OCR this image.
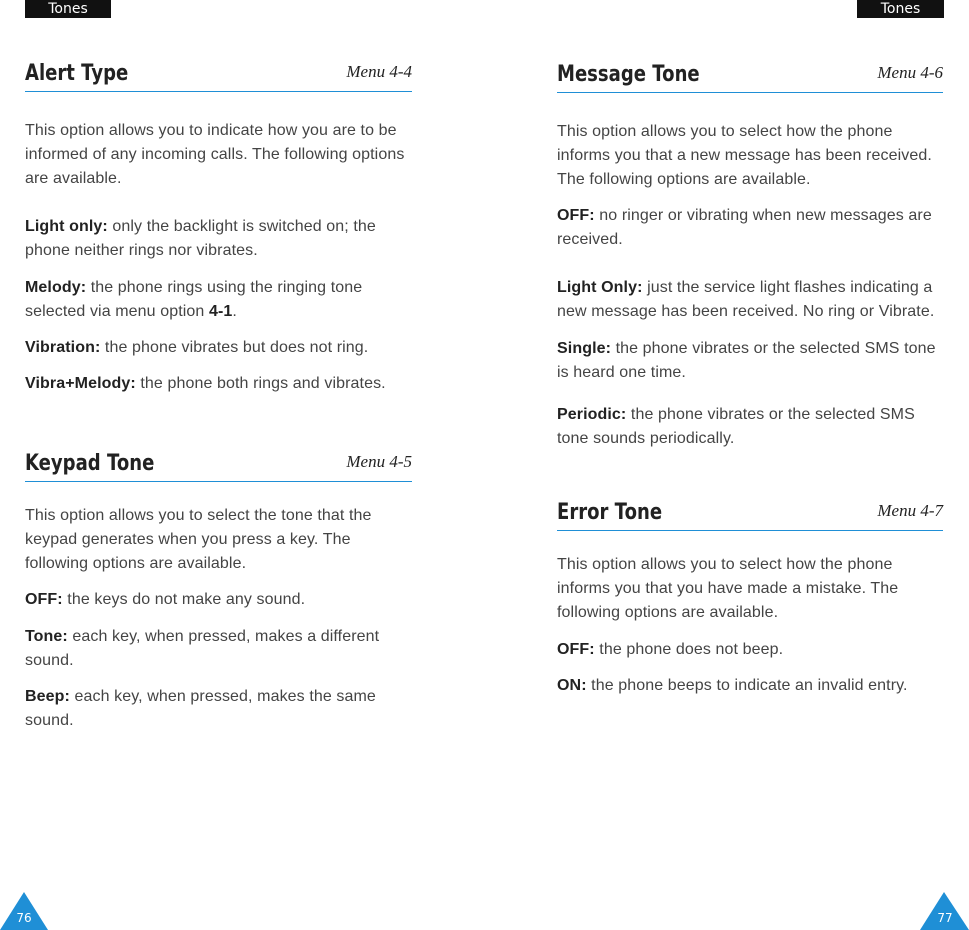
Tones	Tones
Alert Type	Menu 4-4
This option allows you to indicate how you are to be informed of any incoming calls. The following options are available.
Light only: only the backlight is switched on; the phone neither rings nor vibrates.
Melody: the phone rings using the ringing tone selected via menu option 4-1.
Vibration: the phone vibrates but does not ring.
Vibra+Melody: the phone both rings and vibrates.
Keypad Tone	Menu 4-5
This option allows you to select the tone that the keypad generates when you press a key. The following options are available.
OFF: the keys do not make any sound.
Tone: each key, when pressed, makes a different sound.
Beep: each key, when pressed, makes the same sound.
Message Tone	Menu 4-6
This option allows you to select how the phone informs you that a new message has been received. The following options are available.
OFF: no ringer or vibrating when new messages are received.
Light Only: just the service light flashes indicating a new message has been received. No ring or Vibrate.
Single: the phone vibrates or the selected SMS tone is heard one time.
Periodic: the phone vibrates or the selected SMS tone sounds periodically.
Error Tone	Menu 4-7
This option allows you to select how the phone informs you that you have made a mistake. The following options are available.
OFF: the phone does not beep.
ON: the phone beeps to indicate an invalid entry.
76	77
